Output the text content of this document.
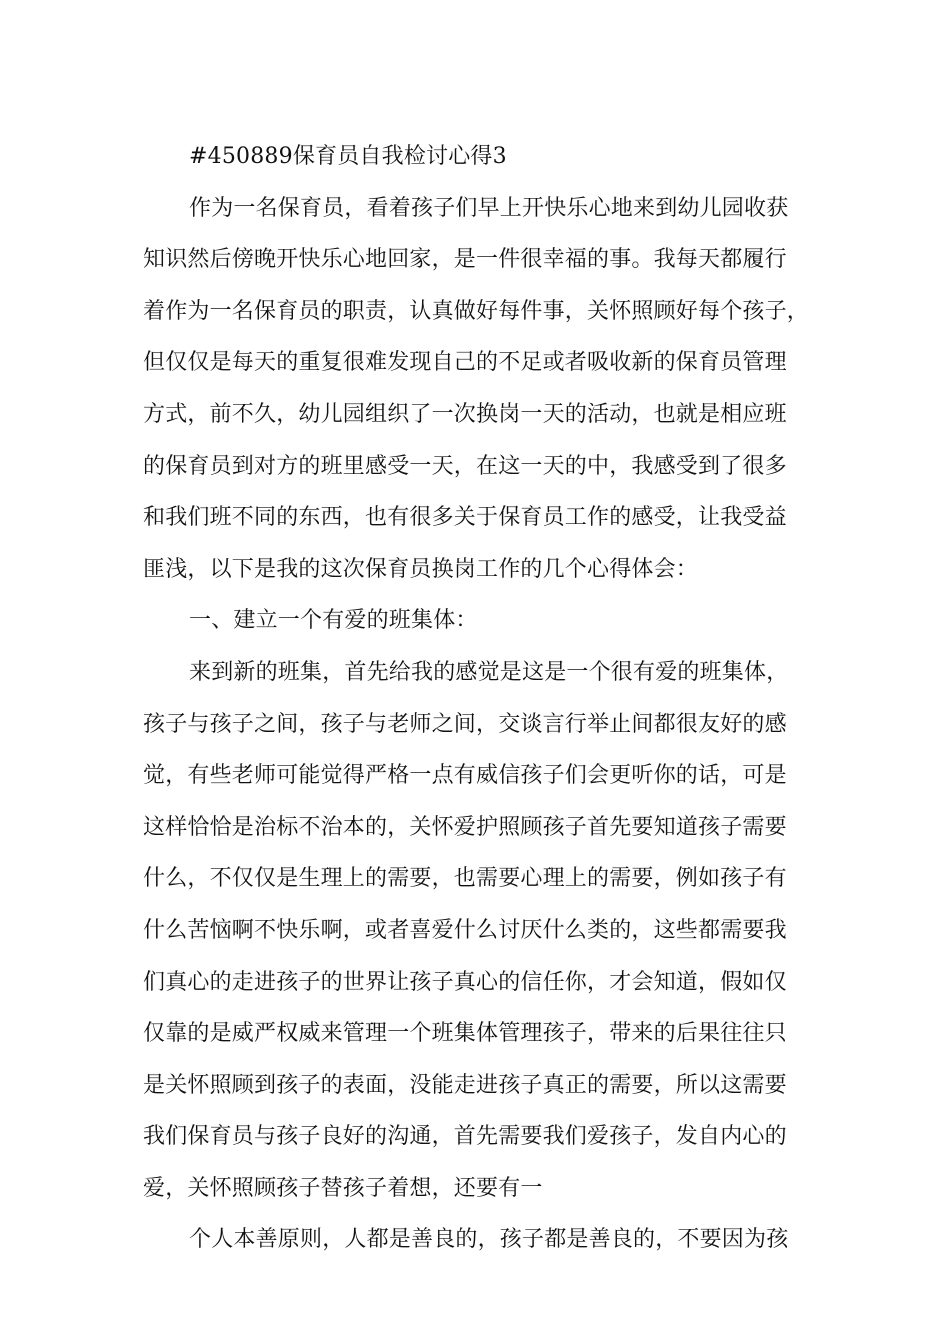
#450889保育员自我检讨心得3
作为一名保育员，看着孩子们早上开快乐心地来到幼儿园收获
知识然后傍晚开快乐心地回家，是一件很幸福的事。我每天都履行
着作为一名保育员的职责，认真做好每件事，关怀照顾好每个孩子，
但仅仅是每天的重复很难发现自己的不足或者吸收新的保育员管理
方式，前不久，幼儿园组织了一次换岗一天的活动，也就是相应班
的保育员到对方的班里感受一天，在这一天的中，我感受到了很多
和我们班不同的东西，也有很多关于保育员工作的感受，让我受益
匪浅，以下是我的这次保育员换岗工作的几个心得体会：
一、建立一个有爱的班集体：
来到新的班集，首先给我的感觉是这是一个很有爱的班集体，
孩子与孩子之间，孩子与老师之间，交谈言行举止间都很友好的感
觉，有些老师可能觉得严格一点有威信孩子们会更听你的话，可是
这样恰恰是治标不治本的，关怀爱护照顾孩子首先要知道孩子需要
什么，不仅仅是生理上的需要，也需要心理上的需要，例如孩子有
什么苦恼啊不快乐啊，或者喜爱什么讨厌什么类的，这些都需要我
们真心的走进孩子的世界让孩子真心的信任你，才会知道，假如仅
仅靠的是威严权威来管理一个班集体管理孩子，带来的后果往往只
是关怀照顾到孩子的表面，没能走进孩子真正的需要，所以这需要
我们保育员与孩子良好的沟通，首先需要我们爱孩子，发自内心的
爱，关怀照顾孩子替孩子着想，还要有一
个人本善原则，人都是善良的，孩子都是善良的，不要因为孩
